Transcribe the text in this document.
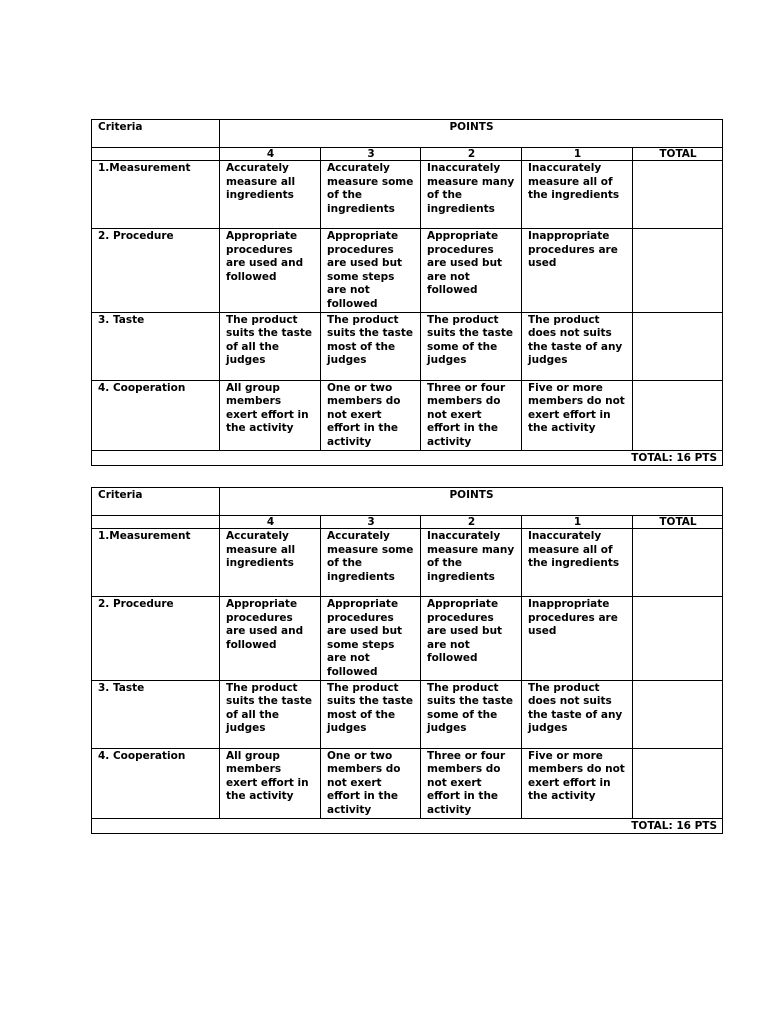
Criteria	POINTS				
	4	3	2	1	TOTAL
1.Measurement	Accurately measure all ingredients	Accurately measure some of the ingredients	Inaccurately measure many of the ingredients	Inaccurately measure all of the ingredients	
2. Procedure	Appropriate procedures are used and followed	Appropriate procedures are used but some steps are not followed	Appropriate procedures are used but are not followed	Inappropriate procedures are used	
3. Taste	The product suits the taste of all the judges	The product suits the taste most of the judges	The product suits the taste some of the judges	The product does not suits the taste of any judges	
4. Cooperation	All group members exert effort in the activity	One or two members do not exert effort in the activity	Three or four members do not exert effort in the activity	Five or more members do not exert effort in the activity	
TOTAL: 16 PTS					
Criteria	POINTS				
	4	3	2	1	TOTAL
1.Measurement	Accurately measure all ingredients	Accurately measure some of the ingredients	Inaccurately measure many of the ingredients	Inaccurately measure all of the ingredients	
2. Procedure	Appropriate procedures are used and followed	Appropriate procedures are used but some steps are not followed	Appropriate procedures are used but are not followed	Inappropriate procedures are used	
3. Taste	The product suits the taste of all the judges	The product suits the taste most of the judges	The product suits the taste some of the judges	The product does not suits the taste of any judges	
4. Cooperation	All group members exert effort in the activity	One or two members do not exert effort in the activity	Three or four members do not exert effort in the activity	Five or more members do not exert effort in the activity	
TOTAL: 16 PTS					
